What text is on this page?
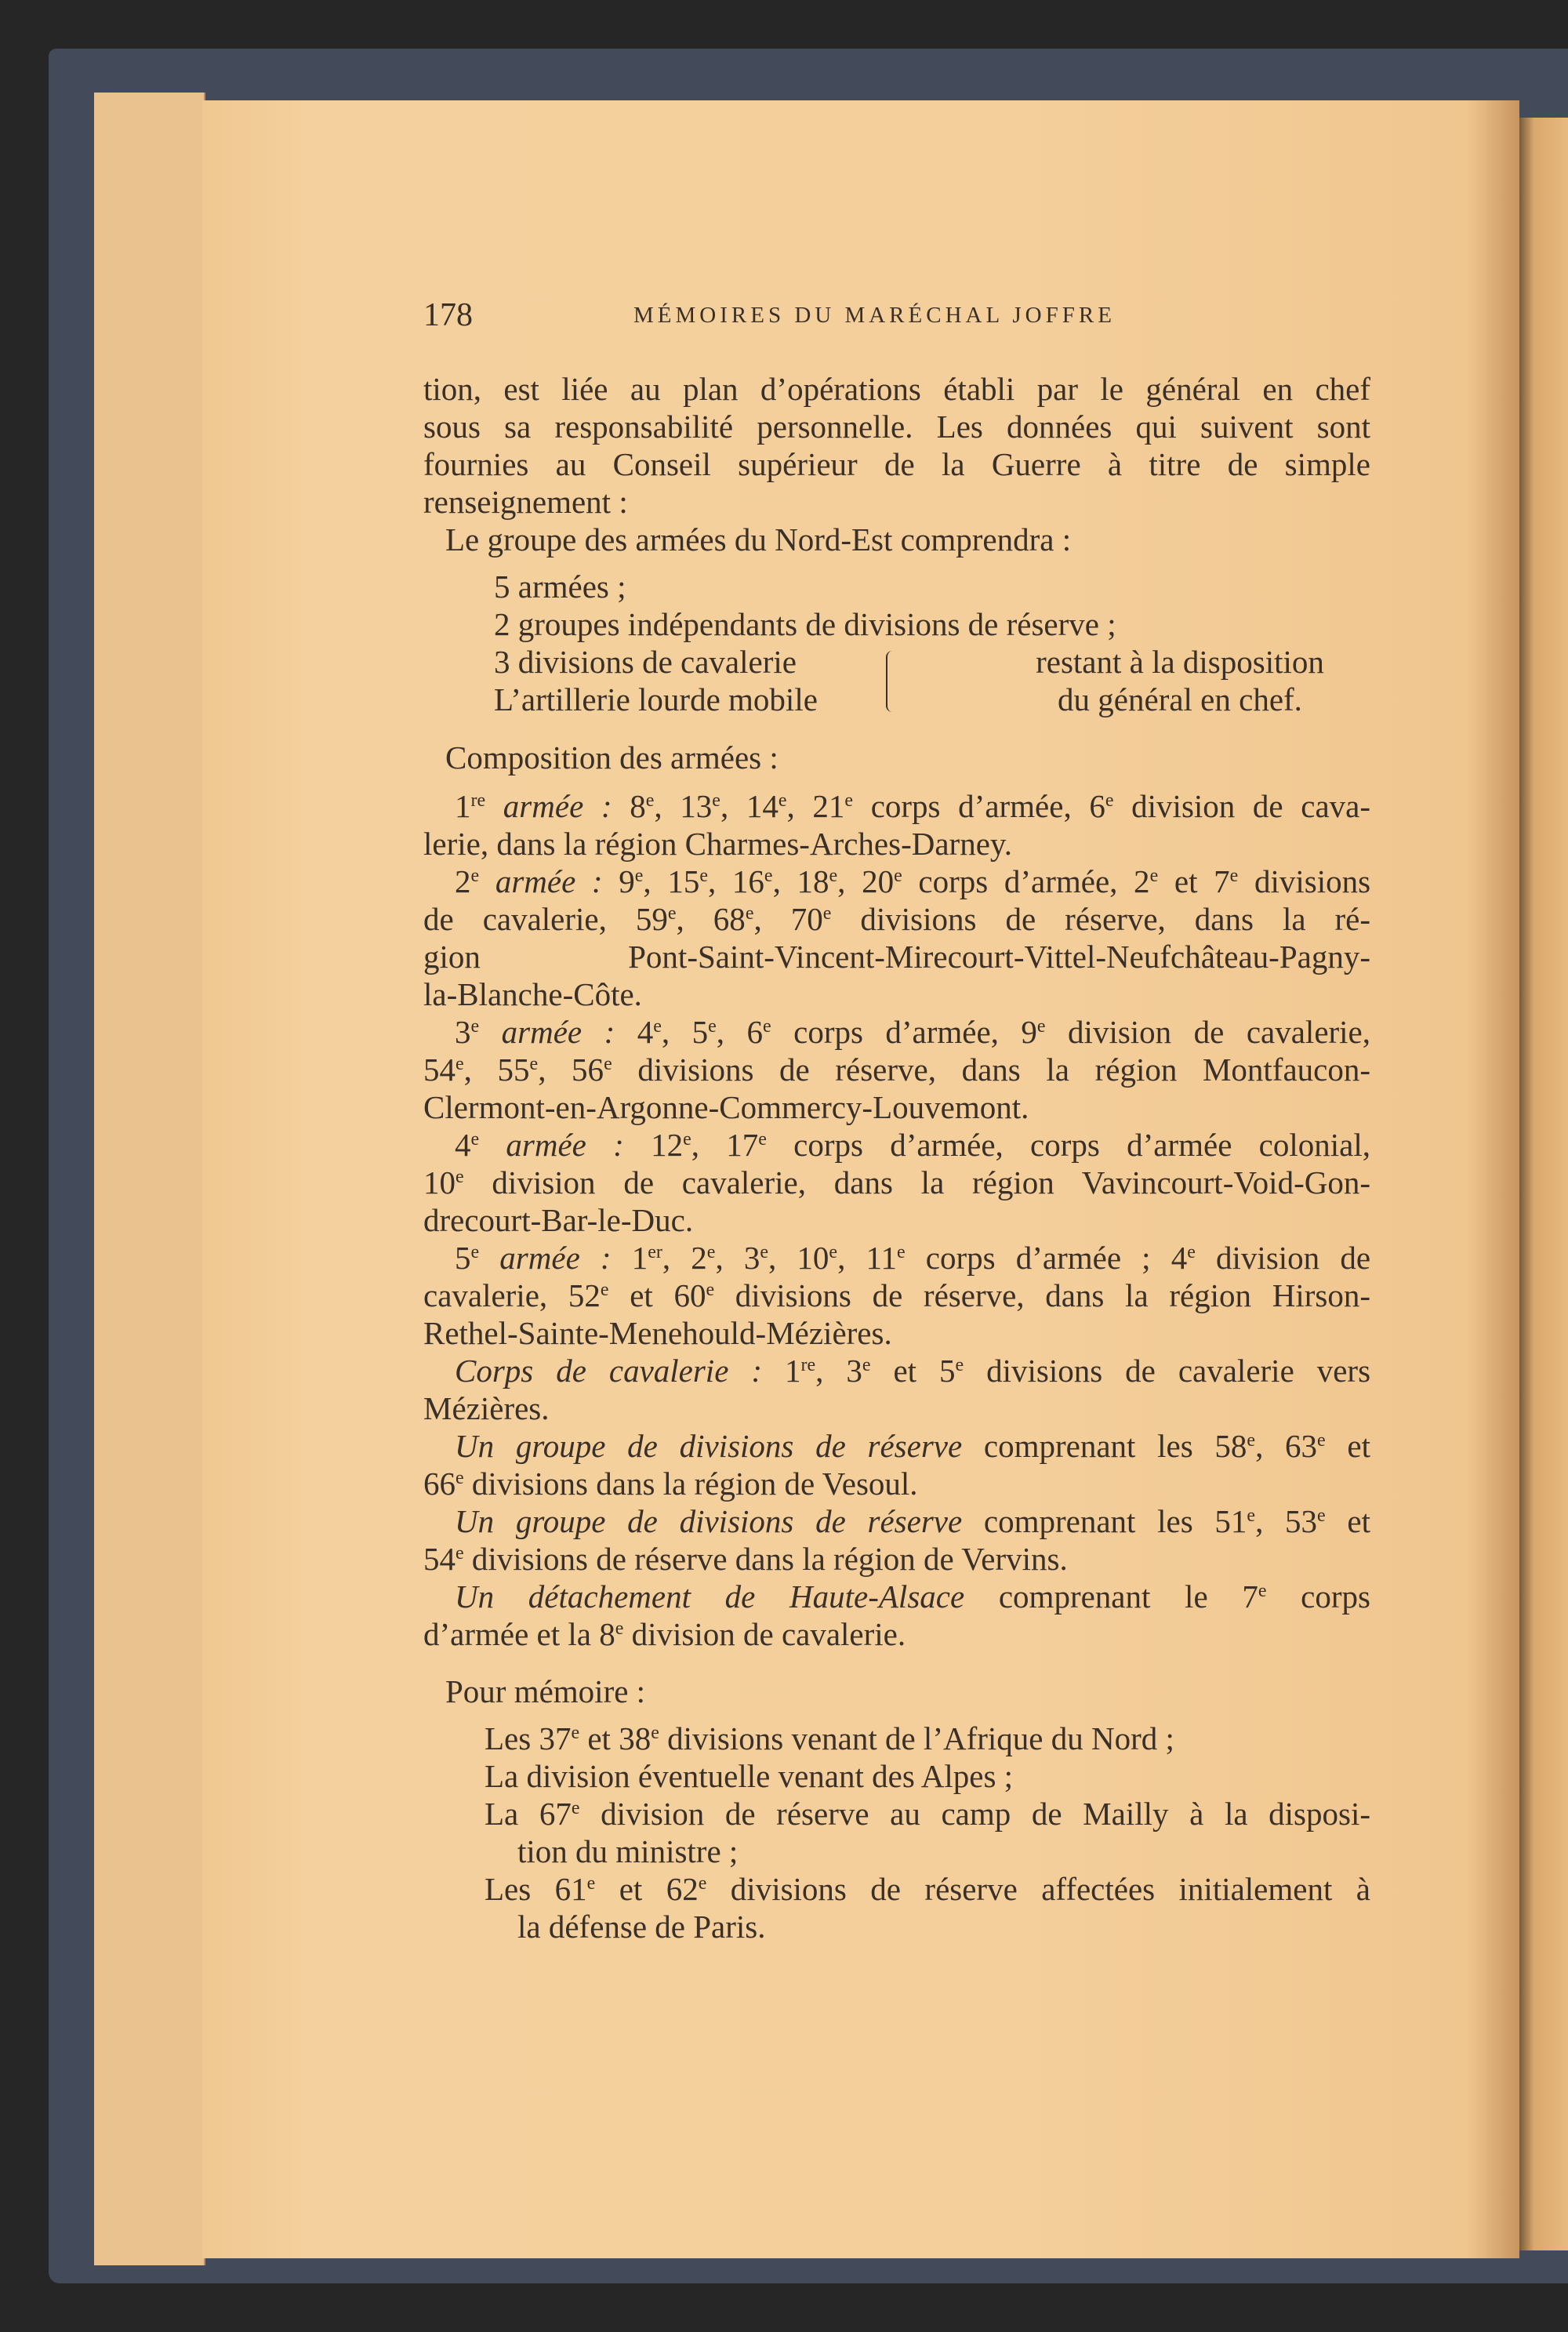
178	MÉMOIRES DU MARÉCHAL JOFFRE
tion, est liée au plan d’opérations établi par le général en chef
sous sa responsabilité personnelle. Les données qui suivent sont
fournies au Conseil supérieur de la Guerre à titre de simple
renseignement :
Le groupe des armées du Nord-Est comprendra :
5 armées ;
2 groupes indépendants de divisions de réserve ;
3 divisions de cavalerie
L’artillerie lourde mobile
restant à la disposition
du général en chef.
Composition des armées :
1re armée : 8e, 13e, 14e, 21e corps d’armée, 6e division de cava-
lerie, dans la région Charmes-Arches-Darney.
2e armée : 9e, 15e, 16e, 18e, 20e corps d’armée, 2e et 7e divisions
de cavalerie, 59e, 68e, 70e divisions de réserve, dans la ré-
gion Pont-Saint-Vincent-Mirecourt-Vittel-Neufchâteau-Pagny-
la-Blanche-Côte.
3e armée : 4e, 5e, 6e corps d’armée, 9e division de cavalerie,
54e, 55e, 56e divisions de réserve, dans la région Montfaucon-
Clermont-en-Argonne-Commercy-Louvemont.
4e armée : 12e, 17e corps d’armée, corps d’armée colonial,
10e division de cavalerie, dans la région Vavincourt-Void-Gon-
drecourt-Bar-le-Duc.
5e armée : 1er, 2e, 3e, 10e, 11e corps d’armée ; 4e division de
cavalerie, 52e et 60e divisions de réserve, dans la région Hirson-
Rethel-Sainte-Menehould-Mézières.
Corps de cavalerie : 1re, 3e et 5e divisions de cavalerie vers
Mézières.
Un groupe de divisions de réserve comprenant les 58e, 63e et
66e divisions dans la région de Vesoul.
Un groupe de divisions de réserve comprenant les 51e, 53e et
54e divisions de réserve dans la région de Vervins.
Un détachement de Haute-Alsace comprenant le 7e corps
d’armée et la 8e division de cavalerie.
Pour mémoire :
Les 37e et 38e divisions venant de l’Afrique du Nord ;
La division éventuelle venant des Alpes ;
La 67e division de réserve au camp de Mailly à la disposi-
tion du ministre ;
Les 61e et 62e divisions de réserve affectées initialement à
la défense de Paris.
